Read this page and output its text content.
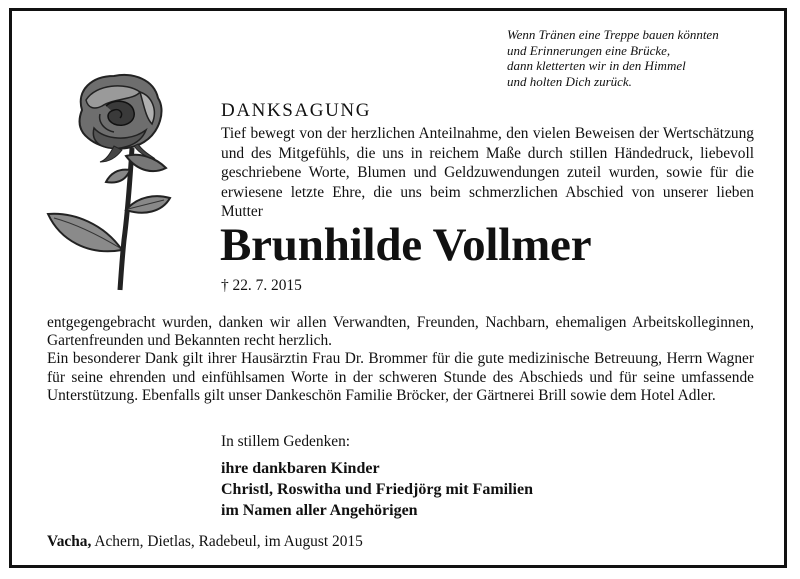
Wenn Tränen eine Treppe bauen könnten
und Erinnerungen eine Brücke,
dann kletterten wir in den Himmel
und holten Dich zurück.
DANKSAGUNG
Tief bewegt von der herzlichen Anteilnahme, den vielen Beweisen der Wertschätzung und des Mitgefühls, die uns in reichem Maße durch stillen Händedruck, liebevoll geschriebene Worte, Blumen und Geldzuwendungen zuteil wurden, sowie für die erwiesene letzte Ehre, die uns beim schmerzlichen Abschied von unserer lieben Mutter
Brunhilde Vollmer
† 22. 7. 2015

entgegengebracht wurden, danken wir allen Verwandten, Freunden, Nachbarn, ehemaligen Arbeitskolleginnen, Gartenfreunden und Bekannten recht herzlich.

Ein besonderer Dank gilt ihrer Hausärztin Frau Dr. Brommer für die gute medizinische Betreuung, Herrn Wagner für seine ehrenden und einfühlsamen Worte in der schweren Stunde des Abschieds und für seine umfassende Unterstützung. Ebenfalls gilt unser Dankeschön Familie Bröcker, der Gärtnerei Brill sowie dem Hotel Adler.

In stillem Gedenken:
ihre dankbaren Kinder
Christl, Roswitha und Friedjörg mit Familien
im Namen aller Angehörigen
Vacha, Achern, Dietlas, Radebeul, im August 2015
